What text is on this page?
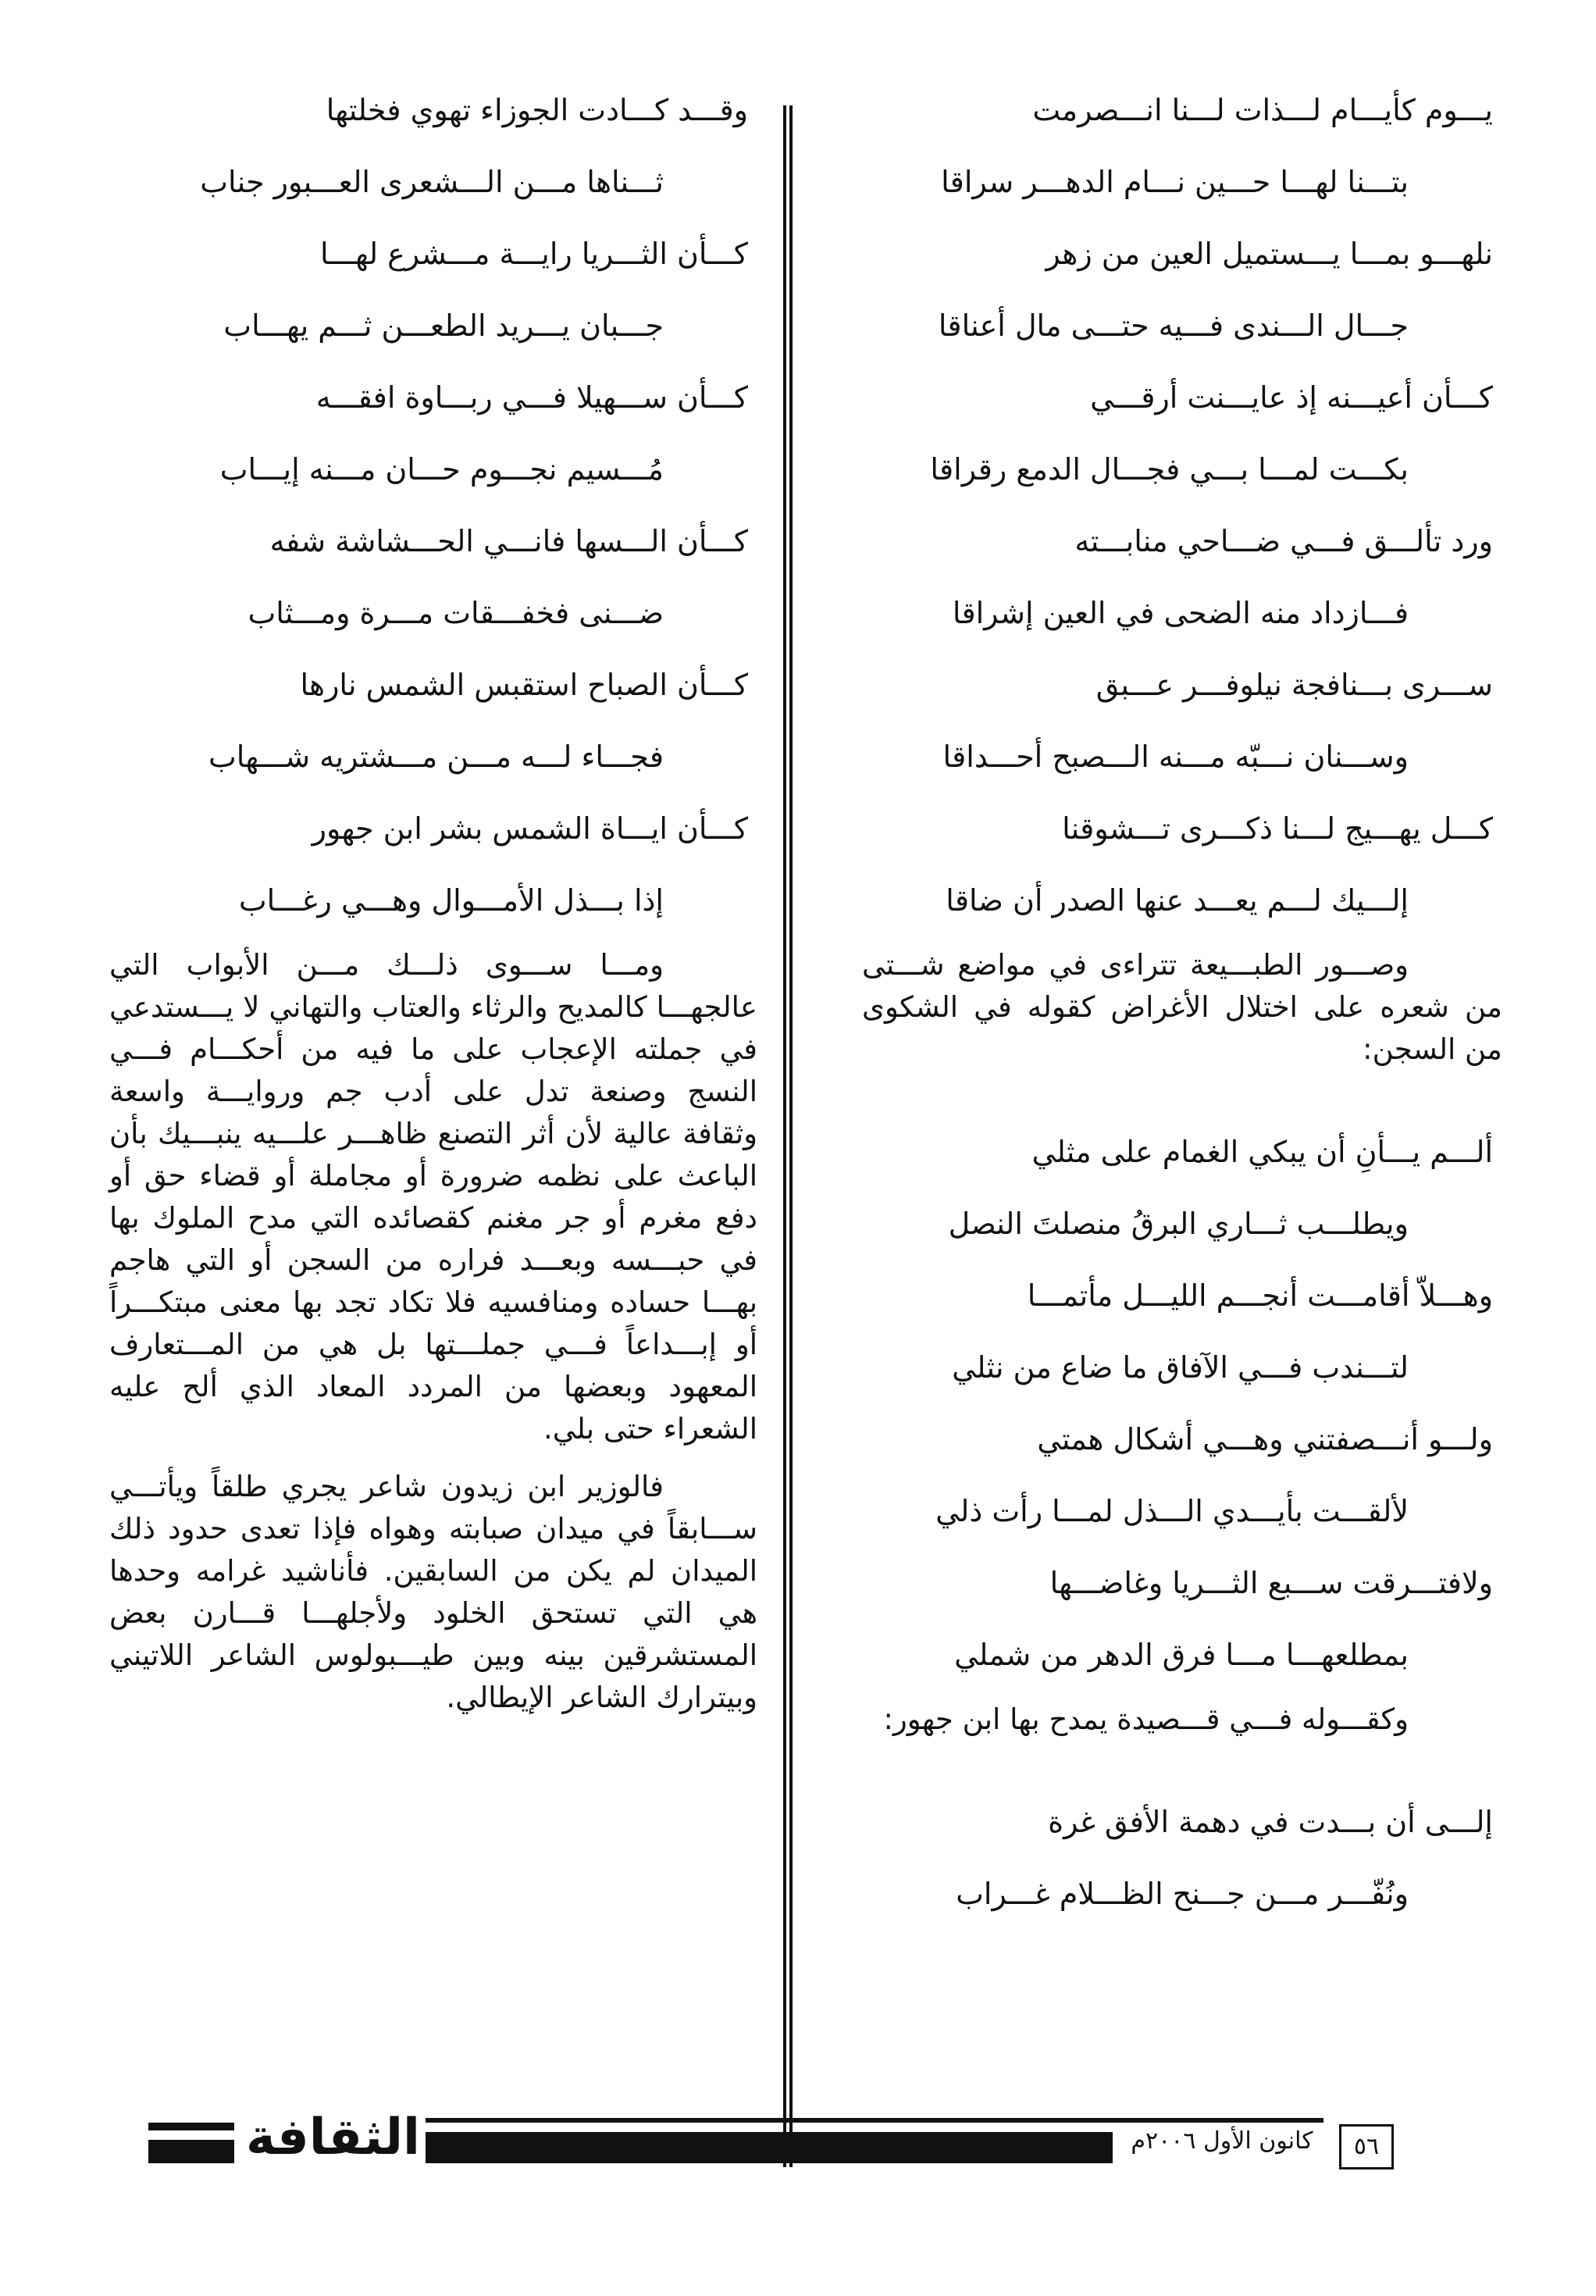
يـــوم كأيـــام لـــذات لـــنا انـــصرمت
بتـــنا لهـــا حـــين نـــام الدهـــر سراقا
نلهـــو بمـــا يـــستميل العين من زهر
جـــال الـــندى فـــيه حتـــى مال أعناقا
كـــأن أعيـــنه إذ عايـــنت أرقـــي
بكـــت لمـــا بـــي فجـــال الدمع رقراقا
ورد تألـــق فـــي ضـــاحي منابـــته
فـــازداد منه الضحى في العين إشراقا
ســـرى بـــنافجة نيلوفـــر عـــبق
وســـنان نـــبّه مـــنه الـــصبح أحـــداقا
كـــل يهـــيج لـــنا ذكـــرى تـــشوقنا
إلـــيك لـــم يعـــد عنها الصدر أن ضاقا

وصـــور الطبـــيعة تتراءى في مواضع شـــتى من شعره على اختلال الأغراض كقوله في الشكوى من السجن:

ألـــم يـــأنِ أن يبكي الغمام على مثلي
ويطلـــب ثـــاري البرقُ منصلتَ النصل
وهـــلاّ أقامـــت أنجـــم الليـــل مأتمـــا
لتـــندب فـــي الآفاق ما ضاع من نثلي
ولـــو أنـــصفتني وهـــي أشكال همتي
لألقـــت بأيـــدي الـــذل لمـــا رأت ذلي
ولافتـــرقت ســـبع الثـــريا وغاضـــها
بمطلعهـــا مـــا فرق الدهر من شملي

وكقـــوله فـــي قـــصيدة يمدح بها ابن جهور:

إلـــى أن بـــدت في دهمة الأفق غرة
ونُفّـــر مـــن جـــنح الظـــلام غـــراب
وقـــد كـــادت الجوزاء تهوي فخلتها
ثـــناها مـــن الـــشعرى العـــبور جناب
كـــأن الثـــريا رايـــة مـــشرع لهـــا
جـــبان يـــريد الطعـــن ثـــم يهـــاب
كـــأن ســـهيلا فـــي ربـــاوة افقـــه
مُـــسيم نجـــوم حـــان مـــنه إيـــاب
كـــأن الـــسها فانـــي الحـــشاشة شفه
ضـــنى فخفـــقات مـــرة ومـــثاب
كـــأن الصباح استقبس الشمس نارها
فجـــاء لـــه مـــن مـــشتريه شـــهاب
كـــأن ايـــاة الشمس بشر ابن جهور
إذا بـــذل الأمـــوال وهـــي رغـــاب

ومـــا ســـوى ذلـــك مـــن الأبواب التي عالجهـــا كالمديح والرثاء والعتاب والتهاني لا يـــستدعي في جملته الإعجاب على ما فيه من أحكـــام فـــي النسج وصنعة تدل على أدب جم وروايـــة واسعة وثقافة عالية لأن أثر التصنع ظاهـــر علـــيه ينبـــيك بأن الباعث على نظمه ضرورة أو مجاملة أو قضاء حق أو دفع مغرم أو جر مغنم كقصائده التي مدح الملوك بها في حبـــسه وبعـــد فراره من السجن أو التي هاجم بهـــا حساده ومنافسيه فلا تكاد تجد بها معنى مبتكـــراً أو إبـــداعاً فـــي جملـــتها بل هي من المـــتعارف المعهود وبعضها من المردد المعاد الذي ألح عليه الشعراء حتى بلي.

فالوزير ابن زيدون شاعر يجري طلقاً ويأتـــي ســـابقاً في ميدان صبابته وهواه فإذا تعدى حدود ذلك الميدان لم يكن من السابقين. فأناشيد غرامه وحدها هي التي تستحق الخلود ولأجلهـــا قـــارن بعض المستشرقين بينه وبين طيـــبولوس الشاعر اللاتيني وبيترارك الشاعر الإيطالي.

الثقافة	كانون الأول ٢٠٠٦م	٥٦
